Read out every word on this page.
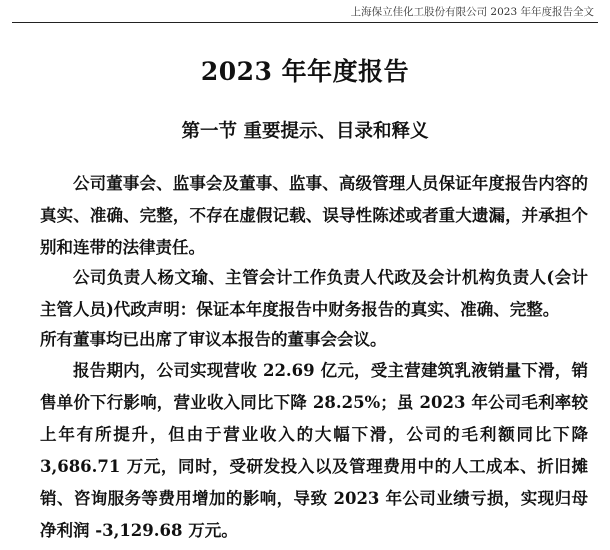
上海保立佳化工股份有限公司 2023 年年度报告全文
2023 年年度报告
第一节 重要提示、目录和释义

公司董事会、监事会及董事、监事、高级管理人员保证年度报告内容的真实、准确、完整，不存在虚假记载、误导性陈述或者重大遗漏，并承担个别和连带的法律责任。

公司负责人杨文瑜、主管会计工作负责人代政及会计机构负责人(会计主管人员)代政声明：保证本年度报告中财务报告的真实、准确、完整。

所有董事均已出席了审议本报告的董事会会议。

报告期内，公司实现营收 22.69 亿元，受主营建筑乳液销量下滑，销售单价下行影响，营业收入同比下降 28.25%；虽 2023 年公司毛利率较上年有所提升，但由于营业收入的大幅下滑，公司的毛利额同比下降 3,686.71 万元，同时，受研发投入以及管理费用中的人工成本、折旧摊销、咨询服务等费用增加的影响，导致 2023 年公司业绩亏损，实现归母净利润 -3,129.68 万元。
